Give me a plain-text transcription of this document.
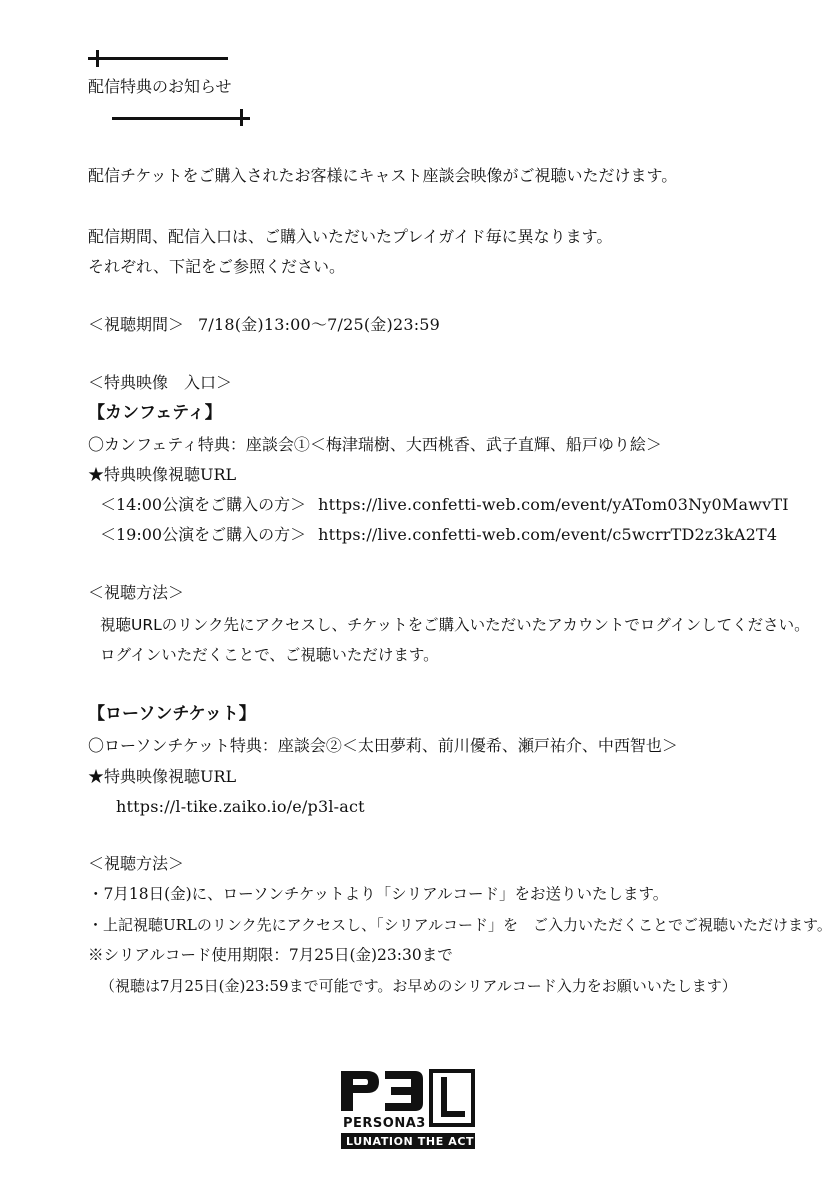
配信特典のお知らせ
配信チケットをご購入されたお客様にキャスト座談会映像がご視聴いただけます。
配信期間、配信入口は、ご購入いただいたプレイガイド毎に異なります。
それぞれ、下記をご参照ください。
＜視聴期間＞ 7/18(金)13:00～7/25(金)23:59
＜特典映像　入口＞
【カンフェティ】
〇カンフェティ特典：座談会①＜梅津瑞樹、大西桃香、武子直輝、船戸ゆり絵＞
★特典映像視聴URL
＜14:00公演をご購入の方＞ https://live.confetti-web.com/event/yATom03Ny0MawvTI
＜19:00公演をご購入の方＞ https://live.confetti-web.com/event/c5wcrrTD2z3kA2T4
＜視聴方法＞
視聴URLのリンク先にアクセスし、チケットをご購入いただいたアカウントでログインしてください。
ログインいただくことで、ご視聴いただけます。
【ローソンチケット】
〇ローソンチケット特典：座談会②＜太田夢莉、前川優希、瀬戸祐介、中西智也＞
★特典映像視聴URL
https://l-tike.zaiko.io/e/p3l-act
＜視聴方法＞
・7月18日(金)に、ローソンチケットより「シリアルコード」をお送りいたします。
・上記視聴URLのリンク先にアクセスし、「シリアルコード」を　ご入力いただくことでご視聴いただけます。
※シリアルコード使用期限：7月25日(金)23:30まで
（視聴は7月25日(金)23:59まで可能です。お早めのシリアルコード入力をお願いいたします）
PERSONA3
LUNATION THE ACT
